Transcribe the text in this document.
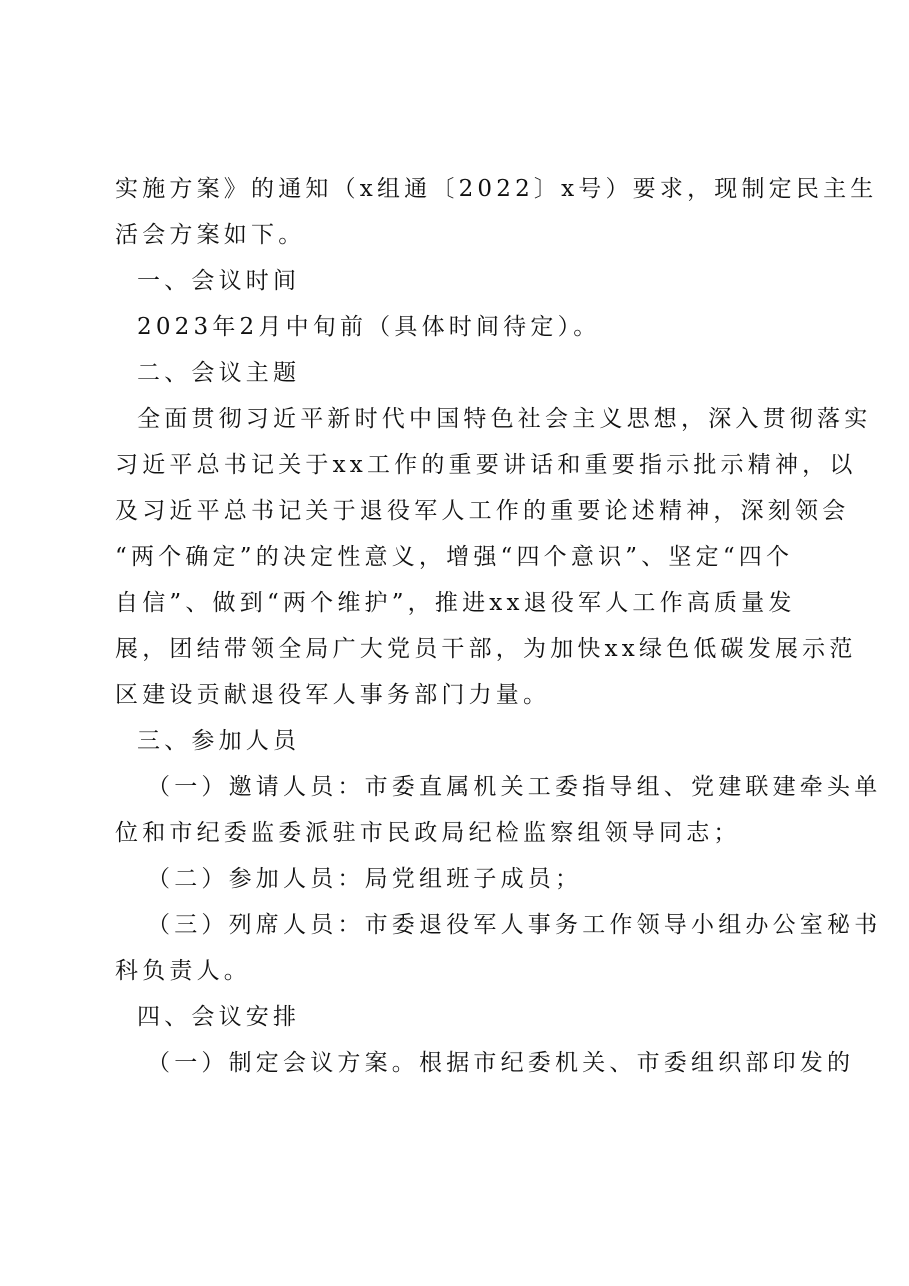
实施方案》的通知（x组通〔2022〕x号）要求，现制定民主生
活会方案如下。
一、会议时间
2023年2月中旬前（具体时间待定）。
二、会议主题
全面贯彻习近平新时代中国特色社会主义思想，深入贯彻落实
习近平总书记关于xx工作的重要讲话和重要指示批示精神，以
及习近平总书记关于退役军人工作的重要论述精神，深刻领会
“两个确定”的决定性意义，增强“四个意识”、坚定“四个
自信”、做到“两个维护”，推进xx退役军人工作高质量发
展，团结带领全局广大党员干部，为加快xx绿色低碳发展示范
区建设贡献退役军人事务部门力量。
三、参加人员
（一）邀请人员：市委直属机关工委指导组、党建联建牵头单
位和市纪委监委派驻市民政局纪检监察组领导同志；
（二）参加人员：局党组班子成员；
（三）列席人员：市委退役军人事务工作领导小组办公室秘书
科负责人。
四、会议安排
（一）制定会议方案。根据市纪委机关、市委组织部印发的
